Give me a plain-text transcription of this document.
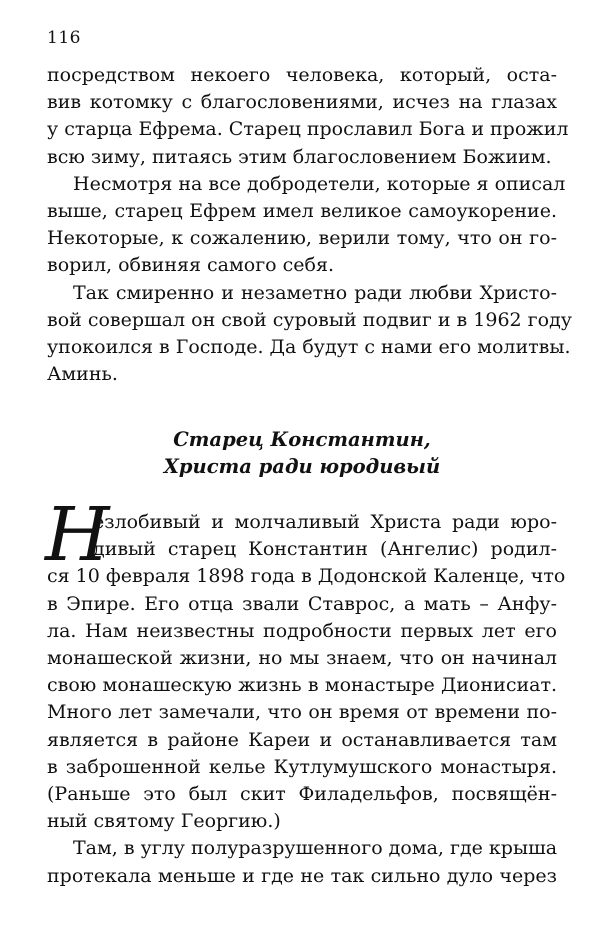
116
посредством некоего человека, который, оста-
вив котомку с благословениями, исчез на глазах
у старца Ефрема. Старец прославил Бога и прожил
всю зиму, питаясь этим благословением Божиим.
Несмотря на все добродетели, которые я описал
выше, старец Ефрем имел великое самоукорение.
Некоторые, к сожалению, верили тому, что он го-
ворил, обвиняя самого себя.
Так смиренно и незаметно ради любви Христо-
вой совершал он свой суровый подвиг и в 1962 году
упокоился в Господе. Да будут с нами его молитвы.
Аминь.
Старец Константин,
Христа ради юродивый
Н
езлобивый и молчаливый Христа ради юро-
дивый старец Константин (Ангелис) родил-
ся 10 февраля 1898 года в Додонской Каленце, что
в Эпире. Его отца звали Ставрос, а мать – Анфу-
ла. Нам неизвестны подробности первых лет его
монашеской жизни, но мы знаем, что он начинал
свою монашескую жизнь в монастыре Дионисиат.
Много лет замечали, что он время от времени по-
является в районе Кареи и останавливается там
в заброшенной келье Кутлумушского монастыря.
(Раньше это был скит Филадельфов, посвящён-
ный святому Георгию.)
Там, в углу полуразрушенного дома, где крыша
протекала меньше и где не так сильно дуло через
